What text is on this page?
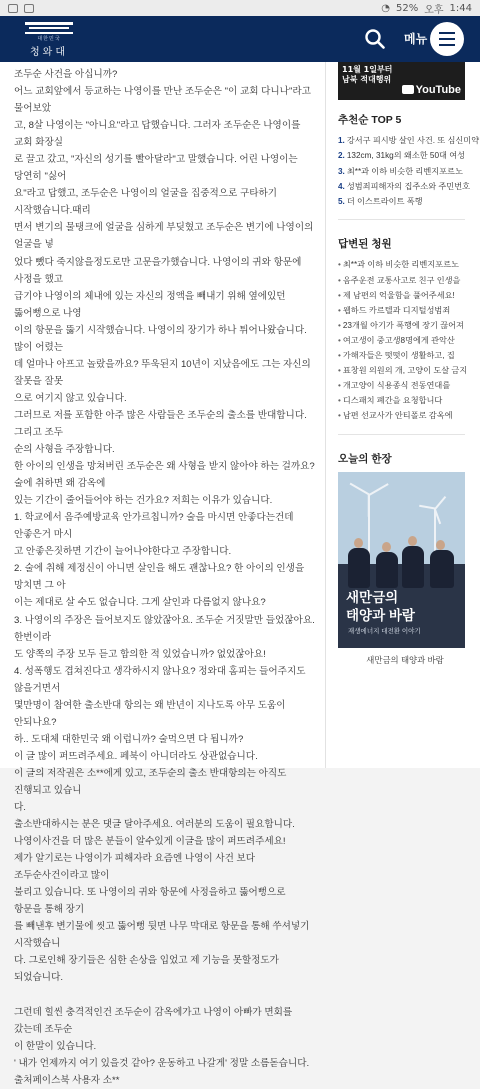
◔ 52% 오후 1:44
대한민국
청와대
메뉴

조두순 사건을 아십니까?

어느 교회앞에서 등교하는 나영이를 만난 조두순은 "이 교회 다니나"라고 물어보았

고, 8살 나영이는 "아니요"라고 답했습니다. 그러자 조두순은 나영이를 교회 화장실

로 끌고 갔고, "자신의 성기를 빨아달라"고 말했습니다. 어린 나영이는 당연히 "싫어

요"라고 답했고, 조두순은 나영이의 얼굴을 집중적으로 구타하기 시작했습니다.때리

면서 변기의 물탱크에 얼굴을 심하게 부딪혔고 조두순은 변기에 나영이의 얼굴을 넣

었다 뺐다 죽지않을정도로만 고문을가했습니다. 나영이의 귀와 항문에 사정을 했고

급기야 나영이의 체내에 있는 자신의 정액을 빼내기 위해 옆에있던 뚫어뻥으로 나영

이의 항문을 뚫기 시작했습니다. 나영이의 장기가 하나 튀어나왔습니다. 많이 어렸는

데 얼마나 아프고 놀랐을까요? 뚜욱된지 10년이 지났음에도 그는 자신의 잘못을 잘못

으로 여기지 않고 있습니다.

그러므로 저를 포함한 아주 많은 사람들은 조두순의 출소를 반대합니다. 그리고 조두

순의 사형을 주장합니다.

한 아이의 인생을 망쳐버린 조두순은 왜 사형을 받지 않아야 하는 걸까요? 술에 취하면 왜 감옥에

있는 기간이 줄어들어야 하는 건가요? 저희는 이유가 있습니다.

1. 학교에서 음주예방교육 안가르칩니까? 술을 마시면 안좋다는건데 안좋은거 마시

고 안좋은짓하면 기간이 늘어나야한다고 주장합니다.

2. 술에 취해 제정신이 아니면 살인을 해도 괜찮나요? 한 아이의 인생을 망치면 그 아

이는 제대로 살 수도 없습니다. 그게 살인과 다름없지 않나요?

3. 나영이의 주장은 들어보지도 않았잖아요. 조두순 거짓말만 들었잖아요. 한번이라

도 양쪽의 주장 모두 듣고 합의한 적 있었습니까? 없었잖아요!

4. 성폭행도 겹쳐진다고 생각하시지 않나요? 정와대 홈피는 들어주지도 않을거면서

몇만명이 참여한 출소반대 항의는 왜 반년이 지나도록 아무 도움이 안되나요?

하.. 도대체 대한민국 왜 이럽니까? 술먹으면 다 됩니까?

이 글 많이 퍼뜨려주세요. 페북이 아니더라도 상관없습니다.

이 글의 저작권은 소**에게 있고, 조두순의 출소 반대항의는 아직도 진행되고 있습니

다.

출소반대하시는 분은 댓글 달아주세요. 여러분의 도움이 필요합니다.

나영이사건을 더 많은 분들이 알수있게 이글을 많이 퍼뜨려주세요!

제가 알기로는 나영이가 피해자라 요즘엔 나영이 사건 보다 조두순사건이라고 많이

불리고 있습니다. 또 나영이의 귀와 항문에 사정을하고 뚫어뻥으로 항문을 통해 장기

를 빼낸후 변기물에 씻고 뚫어뻥 뒷면 나무 막대로 항문을 통해 쑤셔넣기 시작했습니

다. 그로인해 장기들은 심한 손상을 입었고 제 기능을 못할정도가 되었습니다.

그런데 힐씬 충격적인건 조두순이 감옥에가고 나영이 아빠가 면회를 갔는데 조두순

이 한말이 있습니다.

' 내가 언제까지 여기 있을것 같아? 운동하고 나갈게' 정말 소름돋습니다.

출처페이스북 사용자 소**

11월 1일부터
남북 적대행위
YouTube
추천순 TOP 5
1. 강서구 피시방 살인 사건. 또 심신미약
2. 132cm, 31kg의 왜소한 50대 여성
3. 최**과 이하 비슷한 리벤지포르노
4. 성범죄피해자의 집주소와 주민번호
5. 더 이스트라이트 폭행
답변된 청원
• 최**과 이하 비슷한 리벤지포르노
• 음주운전 교통사고로 친구 인생을
• 제 남편의 억울함을 풀어주세요!
• 웹하드 카르텔과 디지털성범죄
• 23개월 아기가 폭행에 장기 끊어져
• 여고생이 중고생8명에게 관악산
• 가해자들은 떳떳이 생활하고, 집
• 표창원 의원의 개, 고양이 도살 금지
• 개고양이 식용종식 전동연대를
• 디스패치 폐간을 요청합니다
• 남편 선교사가 안티폴로 감옥에
오늘의 한장
새만금의
태양과 바람
재생에너지 대전환 이야기
새만금의 태양과 바람
